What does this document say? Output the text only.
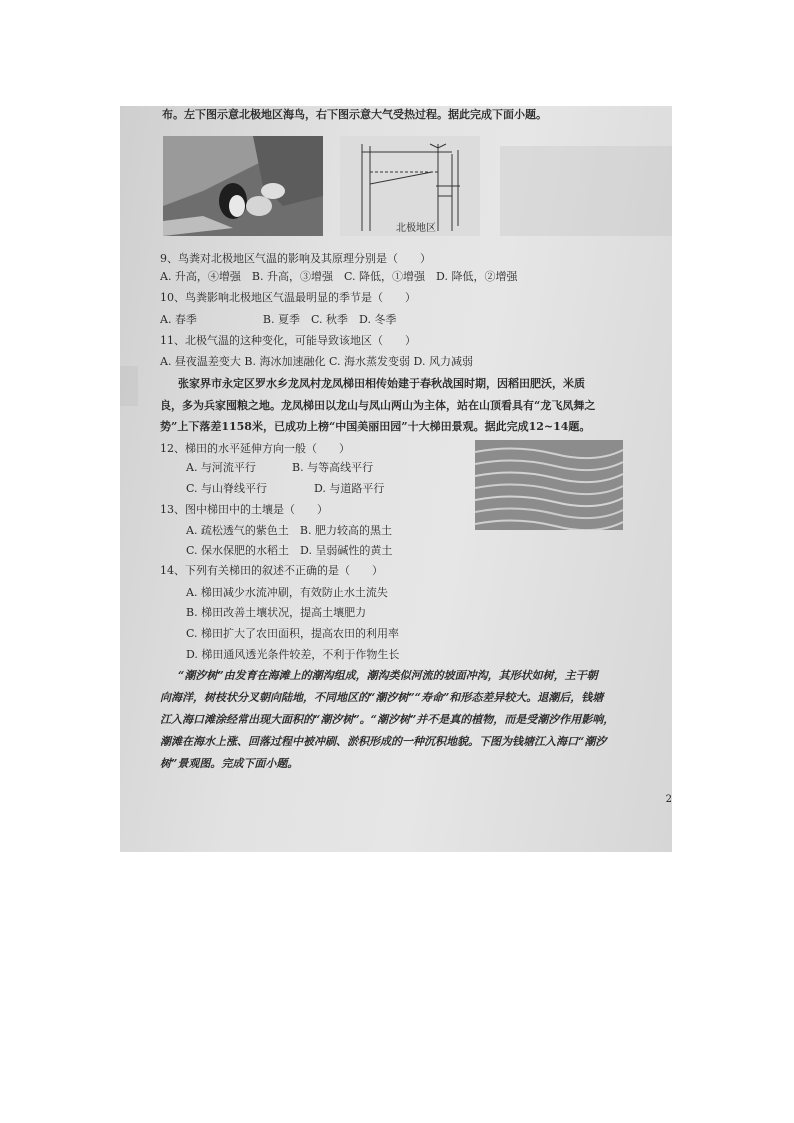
布。左下图示意北极地区海鸟，右下图示意大气受热过程。据此完成下面小题。
北极地区
9、鸟粪对北极地区气温的影响及其原理分别是（　　）
A. 升高，④增强　B. 升高，③增强　C. 降低，①增强　D. 降低，②增强
10、鸟粪影响北极地区气温最明显的季节是（　　）
A. 春季　　　　　　B. 夏季　C. 秋季　D. 冬季
11、北极气温的这种变化，可能导致该地区（　　）
A. 昼夜温差变大 B. 海冰加速融化 C. 海水蒸发变弱 D. 风力减弱
张家界市永定区罗水乡龙凤村龙凤梯田相传始建于春秋战国时期，因稻田肥沃，米质
良，多为兵家囤粮之地。龙凤梯田以龙山与凤山两山为主体，站在山顶看具有“龙飞凤舞之
势”上下落差1158米，已成功上榜“中国美丽田园”十大梯田景观。据此完成12~14题。
12、梯田的水平延伸方向一般（　　）
A. 与河流平行	B. 与等高线平行
C. 与山脊线平行	D. 与道路平行
13、图中梯田中的土壤是（　　）
A. 疏松透气的紫色土　B. 肥力较高的黑土
C. 保水保肥的水稻土　D. 呈弱碱性的黄土
14、下列有关梯田的叙述不正确的是（　　）
A. 梯田减少水流冲刷，有效防止水土流失
B. 梯田改善土壤状况，提高土壤肥力
C. 梯田扩大了农田面积，提高农田的利用率
D. 梯田通风透光条件较差，不利于作物生长
“潮汐树”由发育在海滩上的潮沟组成，潮沟类似河流的坡面冲沟，其形状如树，主干朝
向海洋，树枝状分叉朝向陆地，不同地区的“潮汐树”“寿命”和形态差异较大。退潮后，钱塘
江入海口滩涂经常出现大面积的“潮汐树”。“潮汐树”并不是真的植物，而是受潮汐作用影响，
潮滩在海水上涨、回落过程中被冲刷、淤积形成的一种沉积地貌。下图为钱塘江入海口“潮汐
树”景观图。完成下面小题。
2
